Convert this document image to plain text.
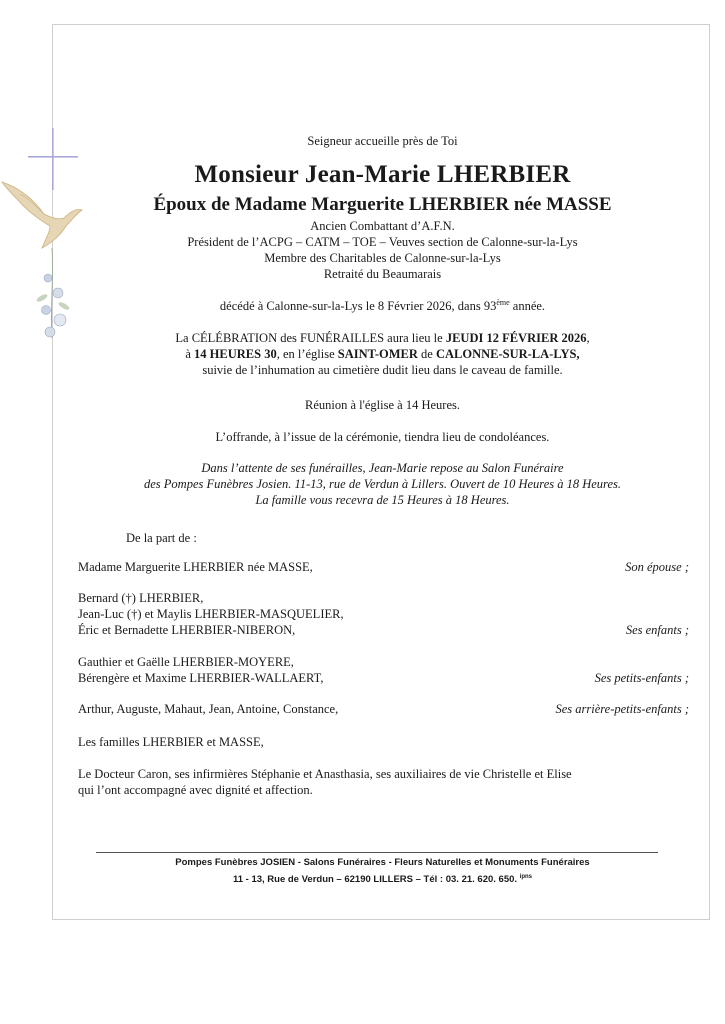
Seigneur accueille près de Toi

Monsieur Jean-Marie LHERBIER

Époux de Madame Marguerite LHERBIER née MASSE

Ancien Combattant d’A.F.N.

Président de l’ACPG – CATM – TOE – Veuves section de Calonne-sur-la-Lys

Membre des Charitables de Calonne-sur-la-Lys

Retraité du Beaumarais

décédé à Calonne-sur-la-Lys le 8 Février 2026, dans 93ème année.

La CÉLÉBRATION des FUNÉRAILLES aura lieu le JEUDI 12 FÉVRIER 2026,

à 14 HEURES 30, en l’église SAINT-OMER de CALONNE-SUR-LA-LYS,

suivie de l’inhumation au cimetière dudit lieu dans le caveau de famille.

Réunion à l'église à 14 Heures.

L’offrande, à l’issue de la cérémonie, tiendra lieu de condoléances.

Dans l’attente de ses funérailles, Jean-Marie repose au Salon Funéraire

des Pompes Funèbres Josien. 11-13, rue de Verdun à Lillers. Ouvert de 10 Heures à 18 Heures.

La famille vous recevra de 15 Heures à 18 Heures.

De la part de :

Madame Marguerite LHERBIER née MASSE,	Son épouse ;

Bernard (†) LHERBIER,

Jean-Luc (†) et Maylis LHERBIER-MASQUELIER,

Éric et Bernadette LHERBIER-NIBERON,	Ses enfants ;

Gauthier et Gaëlle LHERBIER-MOYERE,

Bérengère et Maxime LHERBIER-WALLAERT,	Ses petits-enfants ;

Arthur, Auguste, Mahaut, Jean, Antoine, Constance,	Ses arrière-petits-enfants ;

Les familles LHERBIER et MASSE,

Le Docteur Caron, ses infirmières Stéphanie et Anasthasia, ses auxiliaires de vie Christelle et Elise

qui l’ont accompagné avec dignité et affection.

Pompes Funèbres JOSIEN - Salons Funéraires - Fleurs Naturelles et Monuments Funéraires

11 - 13, Rue de Verdun – 62190 LILLERS – Tél : 03. 21. 620. 650. $^{ipns}$
